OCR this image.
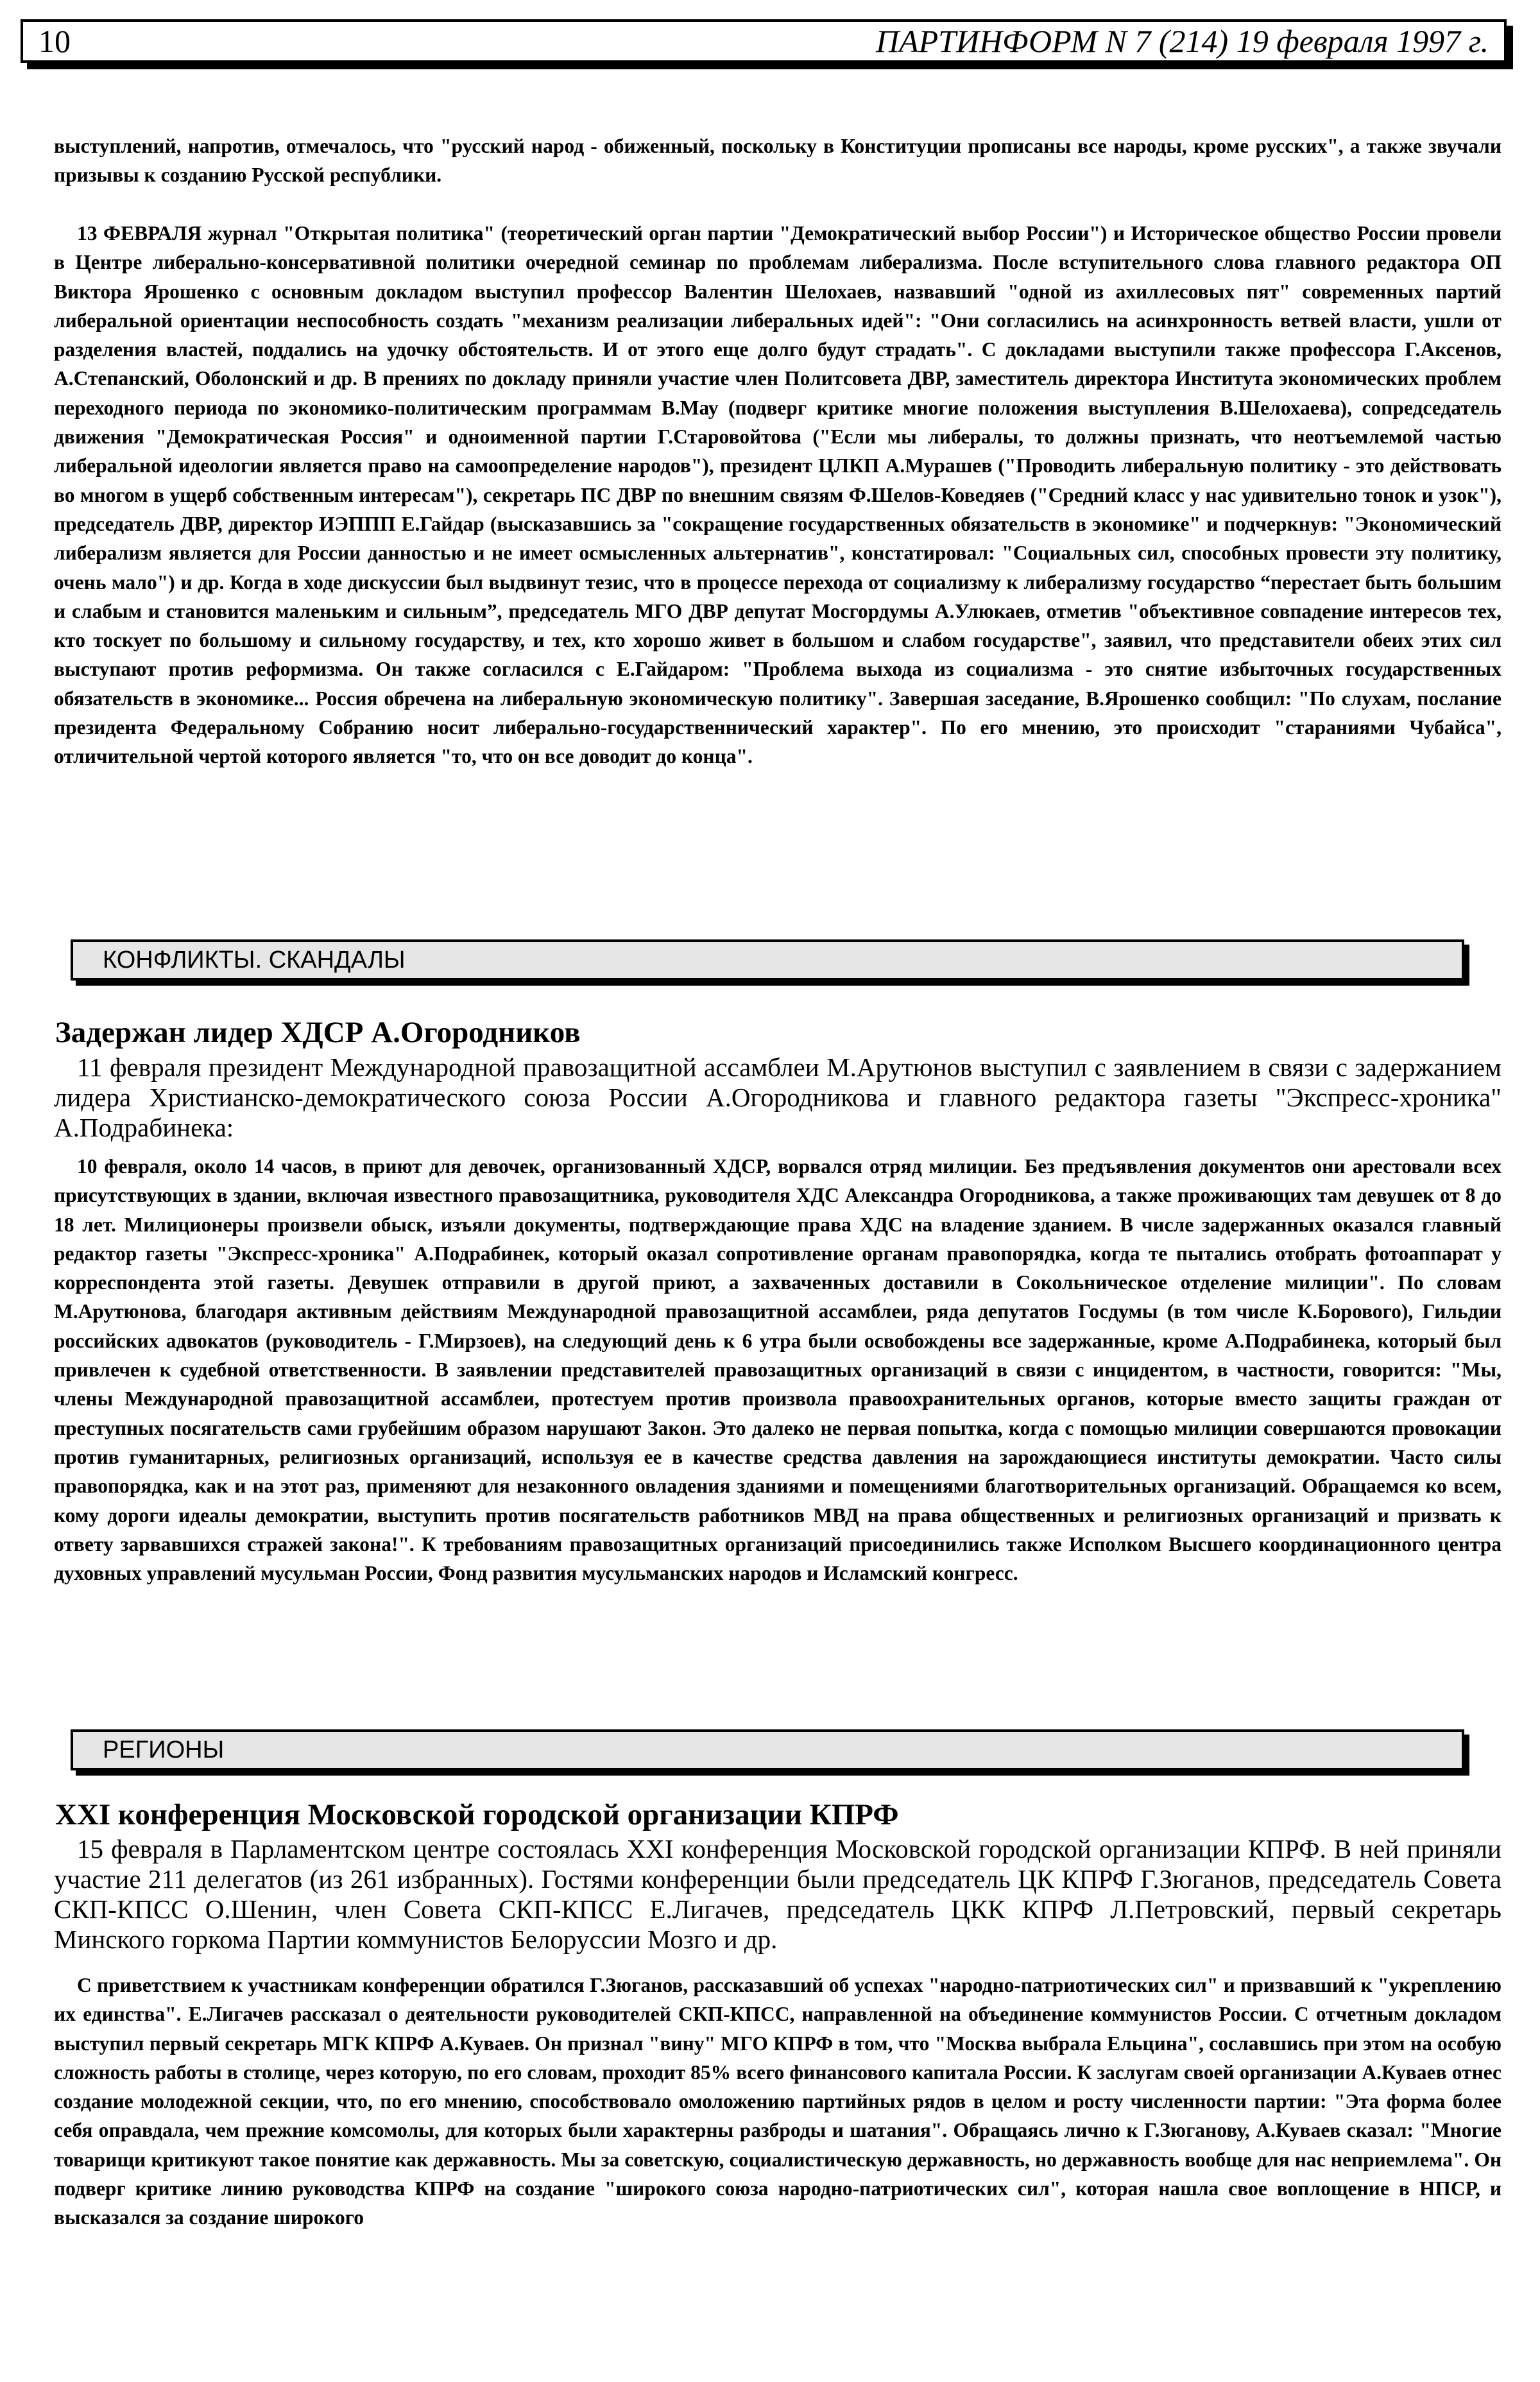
10	ПАРТИНФОРМ N 7 (214) 19 февраля 1997 г.
выступлений, напротив, отмечалось, что "русский народ - обиженный, поскольку в Конституции прописаны все народы, кроме русских", а также звучали призывы к созданию Русской республики.
13 ФЕВРАЛЯ журнал "Открытая политика" (теоретический орган партии "Демократический выбор России") и Историческое общество России провели в Центре либерально-консервативной политики очередной семинар по проблемам либерализма. После вступительного слова главного редактора ОП Виктора Ярошенко с основным докладом выступил профессор Валентин Шелохаев, назвавший "одной из ахиллесовых пят" современных партий либеральной ориентации неспособность создать "механизм реализации либеральных идей": "Они согласились на асинхронность ветвей власти, ушли от разделения властей, поддались на удочку обстоятельств. И от этого еще долго будут страдать". С докладами выступили также профессора Г.Аксенов, А.Степанский, Оболонский и др. В прениях по докладу приняли участие член Политсовета ДВР, заместитель директора Института экономических проблем переходного периода по экономико-политическим программам В.Мау (подверг критике многие положения выступления В.Шелохаева), сопредседатель движения "Демократическая Россия" и одноименной партии Г.Старовойтова ("Если мы либералы, то должны признать, что неотъемлемой частью либеральной идеологии является право на самоопределение народов"), президент ЦЛКП А.Мурашев ("Проводить либеральную политику - это действовать во многом в ущерб собственным интересам"), секретарь ПС ДВР по внешним связям Ф.Шелов-Коведяев ("Средний класс у нас удивительно тонок и узок"), председатель ДВР, директор ИЭППП Е.Гайдар (высказавшись за "сокращение государственных обязательств в экономике" и подчеркнув: "Экономический либерализм является для России данностью и не имеет осмысленных альтернатив", констатировал: "Социальных сил, способных провести эту политику, очень мало") и др. Когда в ходе дискуссии был выдвинут тезис, что в процессе перехода от социализму к либерализму государство “перестает быть большим и слабым и становится маленьким и сильным”, председатель МГО ДВР депутат Мосгордумы А.Улюкаев, отметив "объективное совпадение интересов тех, кто тоскует по большому и сильному государству, и тех, кто хорошо живет в большом и слабом государстве", заявил, что представители обеих этих сил выступают против реформизма. Он также согласился с Е.Гайдаром: "Проблема выхода из социализма - это снятие избыточных государственных обязательств в экономике... Россия обречена на либеральную экономическую политику". Завершая заседание, В.Ярошенко сообщил: "По слухам, послание президента Федеральному Собранию носит либерально-государственнический характер". По его мнению, это происходит "стараниями Чубайса", отличительной чертой которого является "то, что он все доводит до конца".
КОНФЛИКТЫ. СКАНДАЛЫ
Задержан лидер ХДСР А.Огородников
11 февраля президент Международной правозащитной ассамблеи М.Арутюнов выступил с заявлением в связи с задержанием лидера Христианско-демократического союза России А.Огородникова и главного редактора газеты "Экспресс-хроника" А.Подрабинека:
10 февраля, около 14 часов, в приют для девочек, организованный ХДСР, ворвался отряд милиции. Без предъявления документов они арестовали всех присутствующих в здании, включая известного правозащитника, руководителя ХДС Александра Огородникова, а также проживающих там девушек от 8 до 18 лет. Милиционеры произвели обыск, изъяли документы, подтверждающие права ХДС на владение зданием. В числе задержанных оказался главный редактор газеты "Экспресс-хроника" А.Подрабинек, который оказал сопротивление органам правопорядка, когда те пытались отобрать фотоаппарат у корреспондента этой газеты. Девушек отправили в другой приют, а захваченных доставили в Сокольническое отделение милиции". По словам М.Арутюнова, благодаря активным действиям Международной правозащитной ассамблеи, ряда депутатов Госдумы (в том числе К.Борового), Гильдии российских адвокатов (руководитель - Г.Мирзоев), на следующий день к 6 утра были освобождены все задержанные, кроме А.Подрабинека, который был привлечен к судебной ответственности. В заявлении представителей правозащитных организаций в связи с инцидентом, в частности, говорится: "Мы, члены Международной правозащитной ассамблеи, протестуем против произвола правоохранительных органов, которые вместо защиты граждан от преступных посягательств сами грубейшим образом нарушают Закон. Это далеко не первая попытка, когда с помощью милиции совершаются провокации против гуманитарных, религиозных организаций, используя ее в качестве средства давления на зарождающиеся институты демократии. Часто силы правопорядка, как и на этот раз, применяют для незаконного овладения зданиями и помещениями благотворительных организаций. Обращаемся ко всем, кому дороги идеалы демократии, выступить против посягательств работников МВД на права общественных и религиозных организаций и призвать к ответу зарвавшихся стражей закона!". К требованиям правозащитных организаций присоединились также Исполком Высшего координационного центра духовных управлений мусульман России, Фонд развития мусульманских народов и Исламский конгресс.
РЕГИОНЫ
XXI конференция Московской городской организации КПРФ
15 февраля в Парламентском центре состоялась XXI конференция Московской городской организации КПРФ. В ней приняли участие 211 делегатов (из 261 избранных). Гостями конференции были председатель ЦК КПРФ Г.Зюганов, председатель Совета СКП-КПСС О.Шенин, член Совета СКП-КПСС Е.Лигачев, председатель ЦКК КПРФ Л.Петровский, первый секретарь Минского горкома Партии коммунистов Белоруссии Мозго и др.
С приветствием к участникам конференции обратился Г.Зюганов, рассказавший об успехах "народно-патриотических сил" и призвавший к "укреплению их единства". Е.Лигачев рассказал о деятельности руководителей СКП-КПСС, направленной на объединение коммунистов России. С отчетным докладом выступил первый секретарь МГК КПРФ А.Куваев. Он признал "вину" МГО КПРФ в том, что "Москва выбрала Ельцина", сославшись при этом на особую сложность работы в столице, через которую, по его словам, проходит 85% всего финансового капитала России. К заслугам своей организации А.Куваев отнес создание молодежной секции, что, по его мнению, способствовало омоложению партийных рядов в целом и росту численности партии: "Эта форма более себя оправдала, чем прежние комсомолы, для которых были характерны разброды и шатания". Обращаясь лично к Г.Зюганову, А.Куваев сказал: "Многие товарищи критикуют такое понятие как державность. Мы за советскую, социалистическую державность, но державность вообще для нас неприемлема". Он подверг критике линию руководства КПРФ на создание "широкого союза народно-патриотических сил", которая нашла свое воплощение в НПСР, и высказался за создание широкого
